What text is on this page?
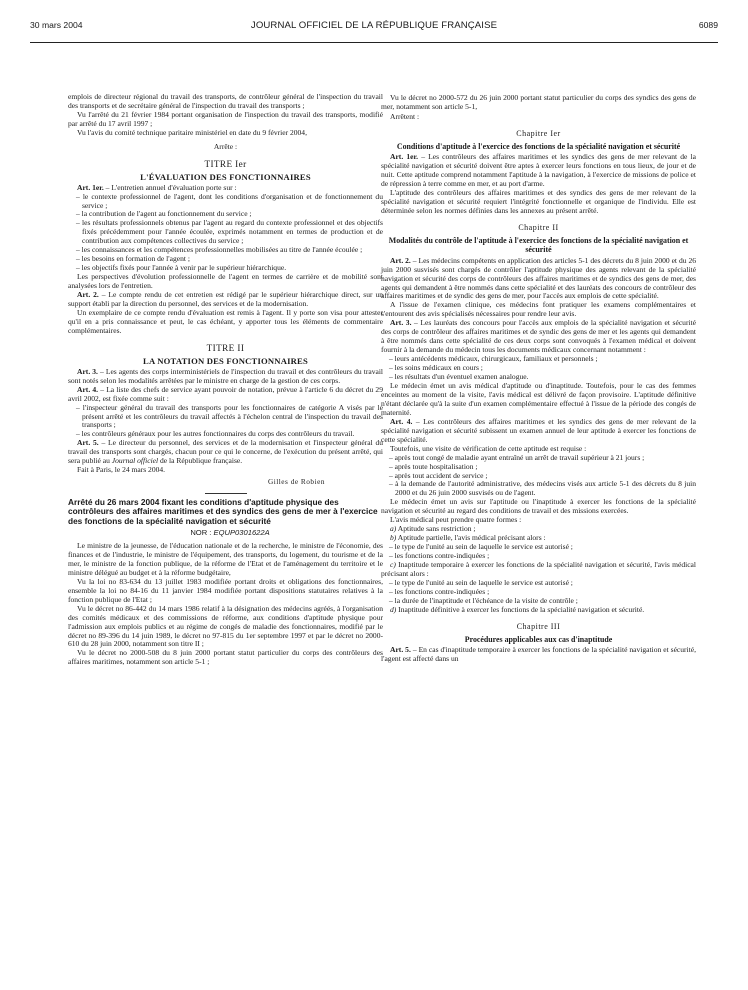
30 mars 2004	JOURNAL OFFICIEL DE LA RÉPUBLIQUE FRANÇAISE	6089

emplois de directeur régional du travail des transports, de contrôleur général de l'inspection du travail des transports et de secrétaire général de l'inspection du travail des transports ;

Vu l'arrêté du 21 février 1984 portant organisation de l'inspection du travail des transports, modifié par arrêté du 17 avril 1997 ;

Vu l'avis du comité technique paritaire ministériel en date du 9 février 2004,

Arrête :

TITRE Ier

L'ÉVALUATION DES FONCTIONNAIRES

Art. 1er. – L'entretien annuel d'évaluation porte sur :

– le contexte professionnel de l'agent, dont les conditions d'organisation et de fonctionnement du service ;
– la contribution de l'agent au fonctionnement du service ;
– les résultats professionnels obtenus par l'agent au regard du contexte professionnel et des objectifs fixés précédemment pour l'année écoulée, exprimés notamment en termes de production et de contribution aux compétences collectives du service ;
– les connaissances et les compétences professionnelles mobilisées au titre de l'année écoulée ;
– les besoins en formation de l'agent ;
– les objectifs fixés pour l'année à venir par le supérieur hiérarchique.

Les perspectives d'évolution professionnelle de l'agent en termes de carrière et de mobilité sont analysées lors de l'entretien.

Art. 2. – Le compte rendu de cet entretien est rédigé par le supérieur hiérarchique direct, sur un support établi par la direction du personnel, des services et de la modernisation.

Un exemplaire de ce compte rendu d'évaluation est remis à l'agent. Il y porte son visa pour attester qu'il en a pris connaissance et peut, le cas échéant, y apporter tous les éléments de commentaire complémentaires.

TITRE II

LA NOTATION DES FONCTIONNAIRES

Art. 3. – Les agents des corps interministériels de l'inspection du travail et des contrôleurs du travail sont notés selon les modalités arrêtées par le ministre en charge de la gestion de ces corps.

Art. 4. – La liste des chefs de service ayant pouvoir de notation, prévue à l'article 6 du décret du 29 avril 2002, est fixée comme suit :

– l'inspecteur général du travail des transports pour les fonctionnaires de catégorie A visés par le présent arrêté et les contrôleurs du travail affectés à l'échelon central de l'inspection du travail des transports ;
– les contrôleurs généraux pour les autres fonctionnaires du corps des contrôleurs du travail.

Art. 5. – Le directeur du personnel, des services et de la modernisation et l'inspecteur général du travail des transports sont chargés, chacun pour ce qui le concerne, de l'exécution du présent arrêté, qui sera publié au Journal officiel de la République française.

Fait à Paris, le 24 mars 2004.

Gilles de Robien

Arrêté du 26 mars 2004 fixant les conditions d'aptitude physique des contrôleurs des affaires maritimes et des syndics des gens de mer à l'exercice des fonctions de la spécialité navigation et sécurité

NOR : EQUP0301622A

Le ministre de la jeunesse, de l'éducation nationale et de la recherche, le ministre de l'économie, des finances et de l'industrie, le ministre de l'équipement, des transports, du logement, du tourisme et de la mer, le ministre de la fonction publique, de la réforme de l'Etat et de l'aménagement du territoire et le ministre délégué au budget et à la réforme budgétaire,

Vu la loi no 83-634 du 13 juillet 1983 modifiée portant droits et obligations des fonctionnaires, ensemble la loi no 84-16 du 11 janvier 1984 modifiée portant dispositions statutaires relatives à la fonction publique de l'Etat ;

Vu le décret no 86-442 du 14 mars 1986 relatif à la désignation des médecins agréés, à l'organisation des comités médicaux et des commissions de réforme, aux conditions d'aptitude physique pour l'admission aux emplois publics et au régime de congés de maladie des fonctionnaires, modifié par le décret no 89-396 du 14 juin 1989, le décret no 97-815 du 1er septembre 1997 et par le décret no 2000-610 du 28 juin 2000, notamment son titre II ;

Vu le décret no 2000-508 du 8 juin 2000 portant statut particulier du corps des contrôleurs des affaires maritimes, notamment son article 5-1 ;

Vu le décret no 2000-572 du 26 juin 2000 portant statut particulier du corps des syndics des gens de mer, notamment son article 5-1,

Arrêtent :

Chapitre Ier

Conditions d'aptitude à l'exercice des fonctions de la spécialité navigation et sécurité

Art. 1er. – Les contrôleurs des affaires maritimes et les syndics des gens de mer relevant de la spécialité navigation et sécurité doivent être aptes à exercer leurs fonctions en tous lieux, de jour et de nuit. Cette aptitude comprend notamment l'aptitude à la navigation, à l'exercice de missions de police et de répression à terre comme en mer, et au port d'arme.

L'aptitude des contrôleurs des affaires maritimes et des syndics des gens de mer relevant de la spécialité navigation et sécurité requiert l'intégrité fonctionnelle et organique de l'individu. Elle est déterminée selon les normes définies dans les annexes au présent arrêté.

Chapitre II

Modalités du contrôle de l'aptitude à l'exercice des fonctions de la spécialité navigation et sécurité

Art. 2. – Les médecins compétents en application des articles 5-1 des décrets du 8 juin 2000 et du 26 juin 2000 susvisés sont chargés de contrôler l'aptitude physique des agents relevant de la spécialité navigation et sécurité des corps de contrôleurs des affaires maritimes et de syndics des gens de mer, des agents qui demandent à être nommés dans cette spécialité et des lauréats des concours de contrôleur des affaires maritimes et de syndic des gens de mer, pour l'accès aux emplois de cette spécialité.

A l'issue de l'examen clinique, ces médecins font pratiquer les examens complémentaires et s'entourent des avis spécialisés nécessaires pour rendre leur avis.

Art. 3. – Les lauréats des concours pour l'accès aux emplois de la spécialité navigation et sécurité des corps de contrôleur des affaires maritimes et de syndic des gens de mer et les agents qui demandent à être nommés dans cette spécialité de ces deux corps sont convoqués à l'examen médical et doivent fournir à la demande du médecin tous les documents médicaux concernant notamment :

– leurs antécédents médicaux, chirurgicaux, familiaux et personnels ;
– les soins médicaux en cours ;
– les résultats d'un éventuel examen analogue.

Le médecin émet un avis médical d'aptitude ou d'inaptitude. Toutefois, pour le cas des femmes enceintes au moment de la visite, l'avis médical est délivré de façon provisoire. L'aptitude définitive n'étant déclarée qu'à la suite d'un examen complémentaire effectué à l'issue de la période des congés de maternité.

Art. 4. – Les contrôleurs des affaires maritimes et les syndics des gens de mer relevant de la spécialité navigation et sécurité subissent un examen annuel de leur aptitude à exercer les fonctions de cette spécialité.

Toutefois, une visite de vérification de cette aptitude est requise :

– après tout congé de maladie ayant entraîné un arrêt de travail supérieur à 21 jours ;
– après toute hospitalisation ;
– après tout accident de service ;
– à la demande de l'autorité administrative, des médecins visés aux article 5-1 des décrets du 8 juin 2000 et du 26 juin 2000 susvisés ou de l'agent.

Le médecin émet un avis sur l'aptitude ou l'inaptitude à exercer les fonctions de la spécialité navigation et sécurité au regard des conditions de travail et des missions exercées.

L'avis médical peut prendre quatre formes :

a) Aptitude sans restriction ;

b) Aptitude partielle, l'avis médical précisant alors :

– le type de l'unité au sein de laquelle le service est autorisé ;
– les fonctions contre-indiquées ;

c) Inaptitude temporaire à exercer les fonctions de la spécialité navigation et sécurité, l'avis médical précisant alors :

– le type de l'unité au sein de laquelle le service est autorisé ;
– les fonctions contre-indiquées ;
– la durée de l'inaptitude et l'échéance de la visite de contrôle ;

d) Inaptitude définitive à exercer les fonctions de la spécialité navigation et sécurité.

Chapitre III

Procédures applicables aux cas d'inaptitude

Art. 5. – En cas d'inaptitude temporaire à exercer les fonctions de la spécialité navigation et sécurité, l'agent est affecté dans un
